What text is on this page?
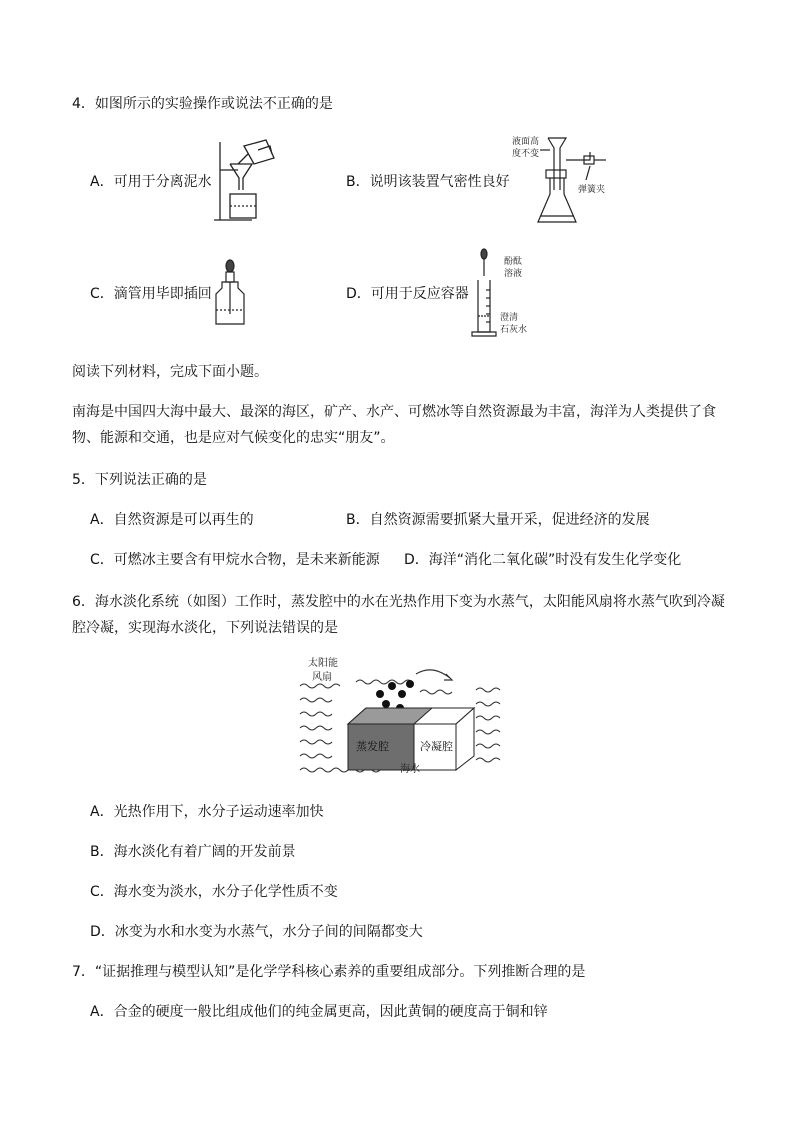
4．如图所示的实验操作或说法不正确的是
A．可用于分离泥水	B．说明该装置气密性良好
C．滴管用毕即插回	D．可用于反应容器
液面高
度不变
弹簧夹
酚酞
溶液
澄清
石灰水
阅读下列材料，完成下面小题。
南海是中国四大海中最大、最深的海区，矿产、水产、可燃冰等自然资源最为丰富，海洋为人类提供了食
物、能源和交通，也是应对气候变化的忠实“朋友”。
5．下列说法正确的是
A．自然资源是可以再生的	B．自然资源需要抓紧大量开采，促进经济的发展
C．可燃冰主要含有甲烷水合物，是未来新能源 D．海洋“消化二氧化碳”时没有发生化学变化
6．海水淡化系统（如图）工作时，蒸发腔中的水在光热作用下变为水蒸气，太阳能风扇将水蒸气吹到冷凝
腔冷凝，实现海水淡化，下列说法错误的是
太阳能
风扇
蒸发腔	冷凝腔
海水
A．光热作用下，水分子运动速率加快
B．海水淡化有着广阔的开发前景
C．海水变为淡水，水分子化学性质不变
D．冰变为水和水变为水蒸气，水分子间的间隔都变大
7．“证据推理与模型认知”是化学学科核心素养的重要组成部分。下列推断合理的是
A．合金的硬度一般比组成他们的纯金属更高，因此黄铜的硬度高于铜和锌
